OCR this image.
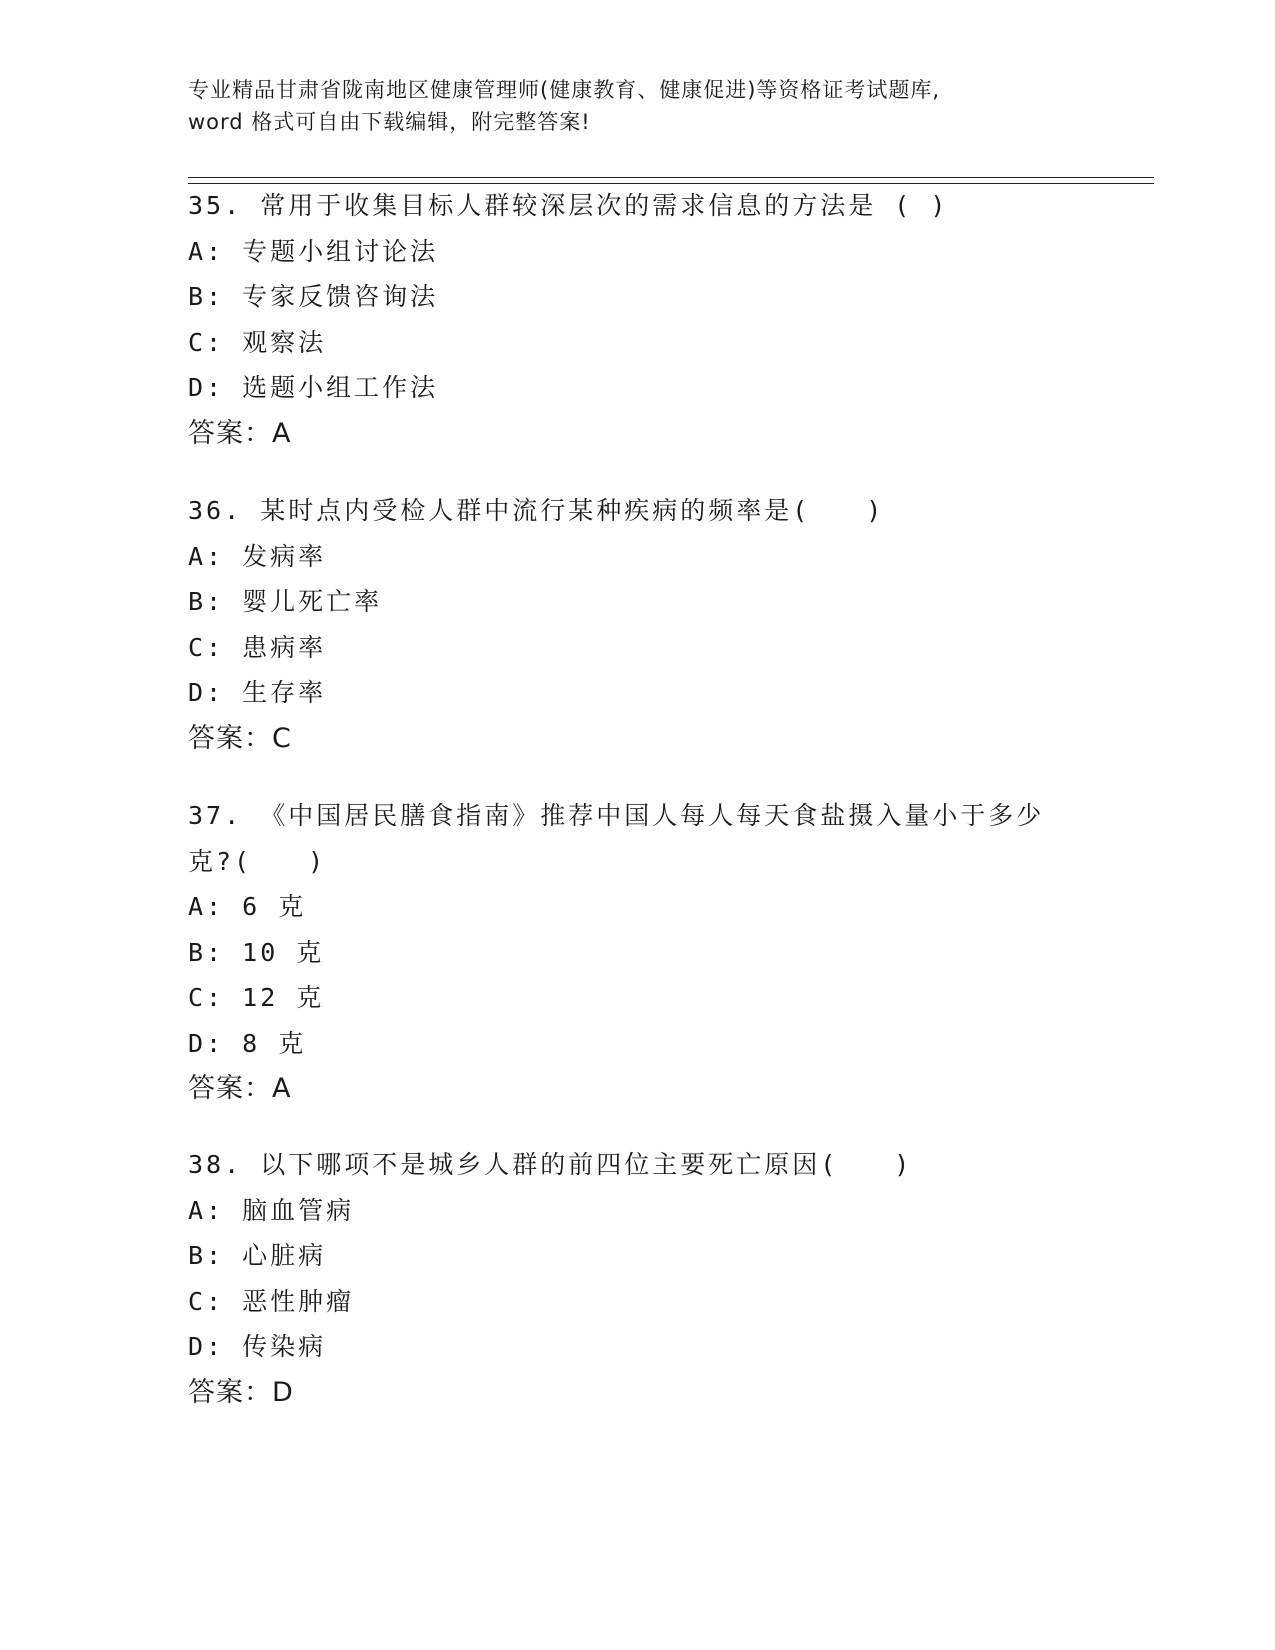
专业精品甘肃省陇南地区健康管理师(健康教育、健康促进)等资格证考试题库,
word 格式可自由下载编辑，附完整答案!
35. 常用于收集目标人群较深层次的需求信息的方法是 ( )
A: 专题小组讨论法
B: 专家反馈咨询法
C: 观察法
D: 选题小组工作法
答案：A
36. 某时点内受检人群中流行某种疾病的频率是(　　)
A: 发病率
B: 婴儿死亡率
C: 患病率
D: 生存率
答案：C
37. 《中国居民膳食指南》推荐中国人每人每天食盐摄入量小于多少
克?(　　)
A: 6 克
B: 10 克
C: 12 克
D: 8 克
答案：A
38. 以下哪项不是城乡人群的前四位主要死亡原因(　　)
A: 脑血管病
B: 心脏病
C: 恶性肿瘤
D: 传染病
答案：D
